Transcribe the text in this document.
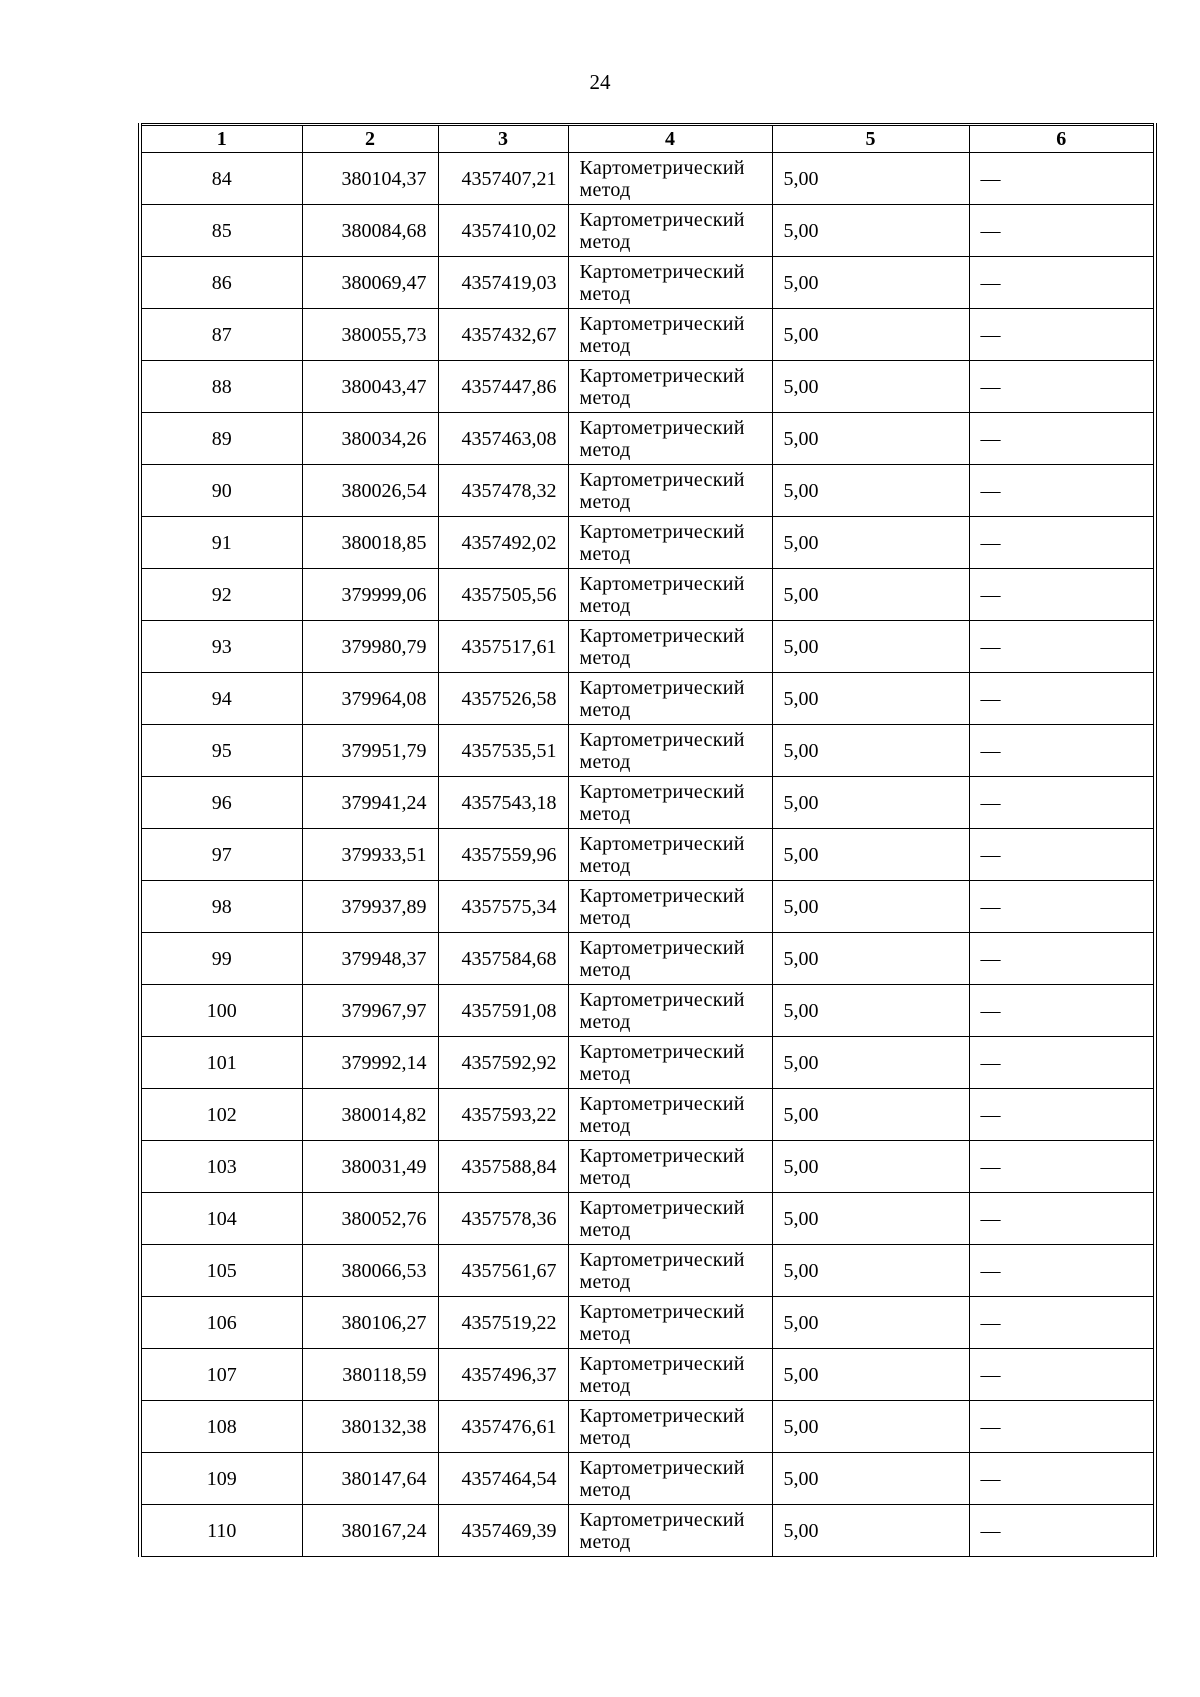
24
1	2	3	4	5	6
84	380104,37	4357407,21	Картометрический метод	5,00	—
85	380084,68	4357410,02	Картометрический метод	5,00	—
86	380069,47	4357419,03	Картометрический метод	5,00	—
87	380055,73	4357432,67	Картометрический метод	5,00	—
88	380043,47	4357447,86	Картометрический метод	5,00	—
89	380034,26	4357463,08	Картометрический метод	5,00	—
90	380026,54	4357478,32	Картометрический метод	5,00	—
91	380018,85	4357492,02	Картометрический метод	5,00	—
92	379999,06	4357505,56	Картометрический метод	5,00	—
93	379980,79	4357517,61	Картометрический метод	5,00	—
94	379964,08	4357526,58	Картометрический метод	5,00	—
95	379951,79	4357535,51	Картометрический метод	5,00	—
96	379941,24	4357543,18	Картометрический метод	5,00	—
97	379933,51	4357559,96	Картометрический метод	5,00	—
98	379937,89	4357575,34	Картометрический метод	5,00	—
99	379948,37	4357584,68	Картометрический метод	5,00	—
100	379967,97	4357591,08	Картометрический метод	5,00	—
101	379992,14	4357592,92	Картометрический метод	5,00	—
102	380014,82	4357593,22	Картометрический метод	5,00	—
103	380031,49	4357588,84	Картометрический метод	5,00	—
104	380052,76	4357578,36	Картометрический метод	5,00	—
105	380066,53	4357561,67	Картометрический метод	5,00	—
106	380106,27	4357519,22	Картометрический метод	5,00	—
107	380118,59	4357496,37	Картометрический метод	5,00	—
108	380132,38	4357476,61	Картометрический метод	5,00	—
109	380147,64	4357464,54	Картометрический метод	5,00	—
110	380167,24	4357469,39	Картометрический метод	5,00	—
